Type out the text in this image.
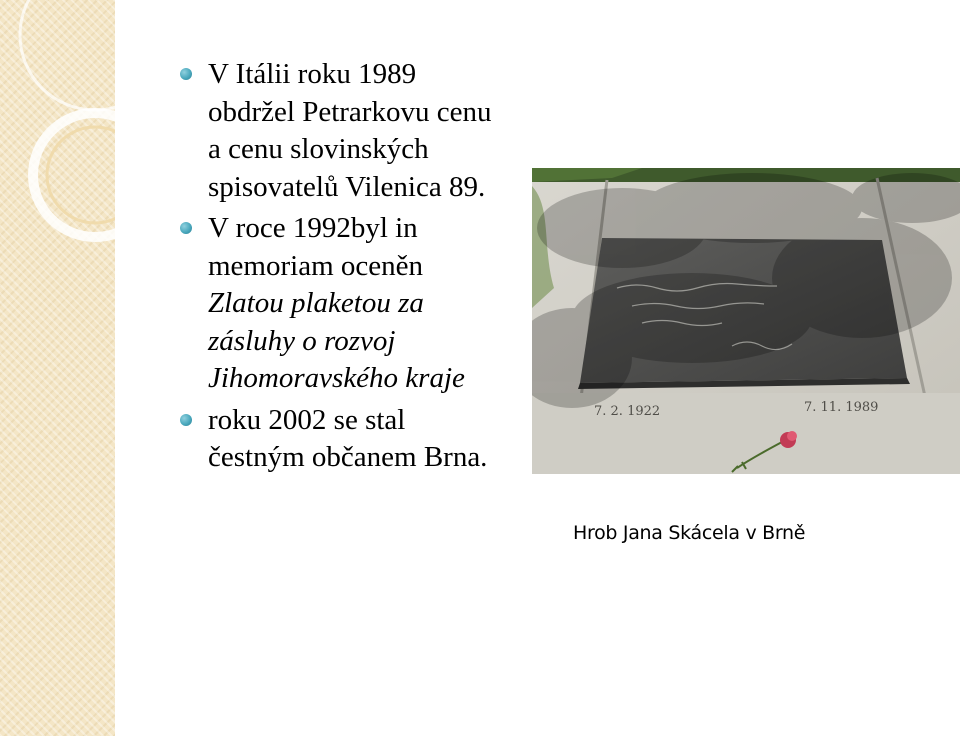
V Itálii roku 1989 obdržel Petrarkovu cenu a cenu slovinských spisovatelů Vilenica 89.
V roce 1992byl in memoriam oceněn Zlatou plaketou za zásluhy o rozvoj Jihomoravského kraje
roku 2002 se stal čestným občanem Brna.
7. 2. 1922	7. 11. 1989
Hrob Jana Skácela v Brně
